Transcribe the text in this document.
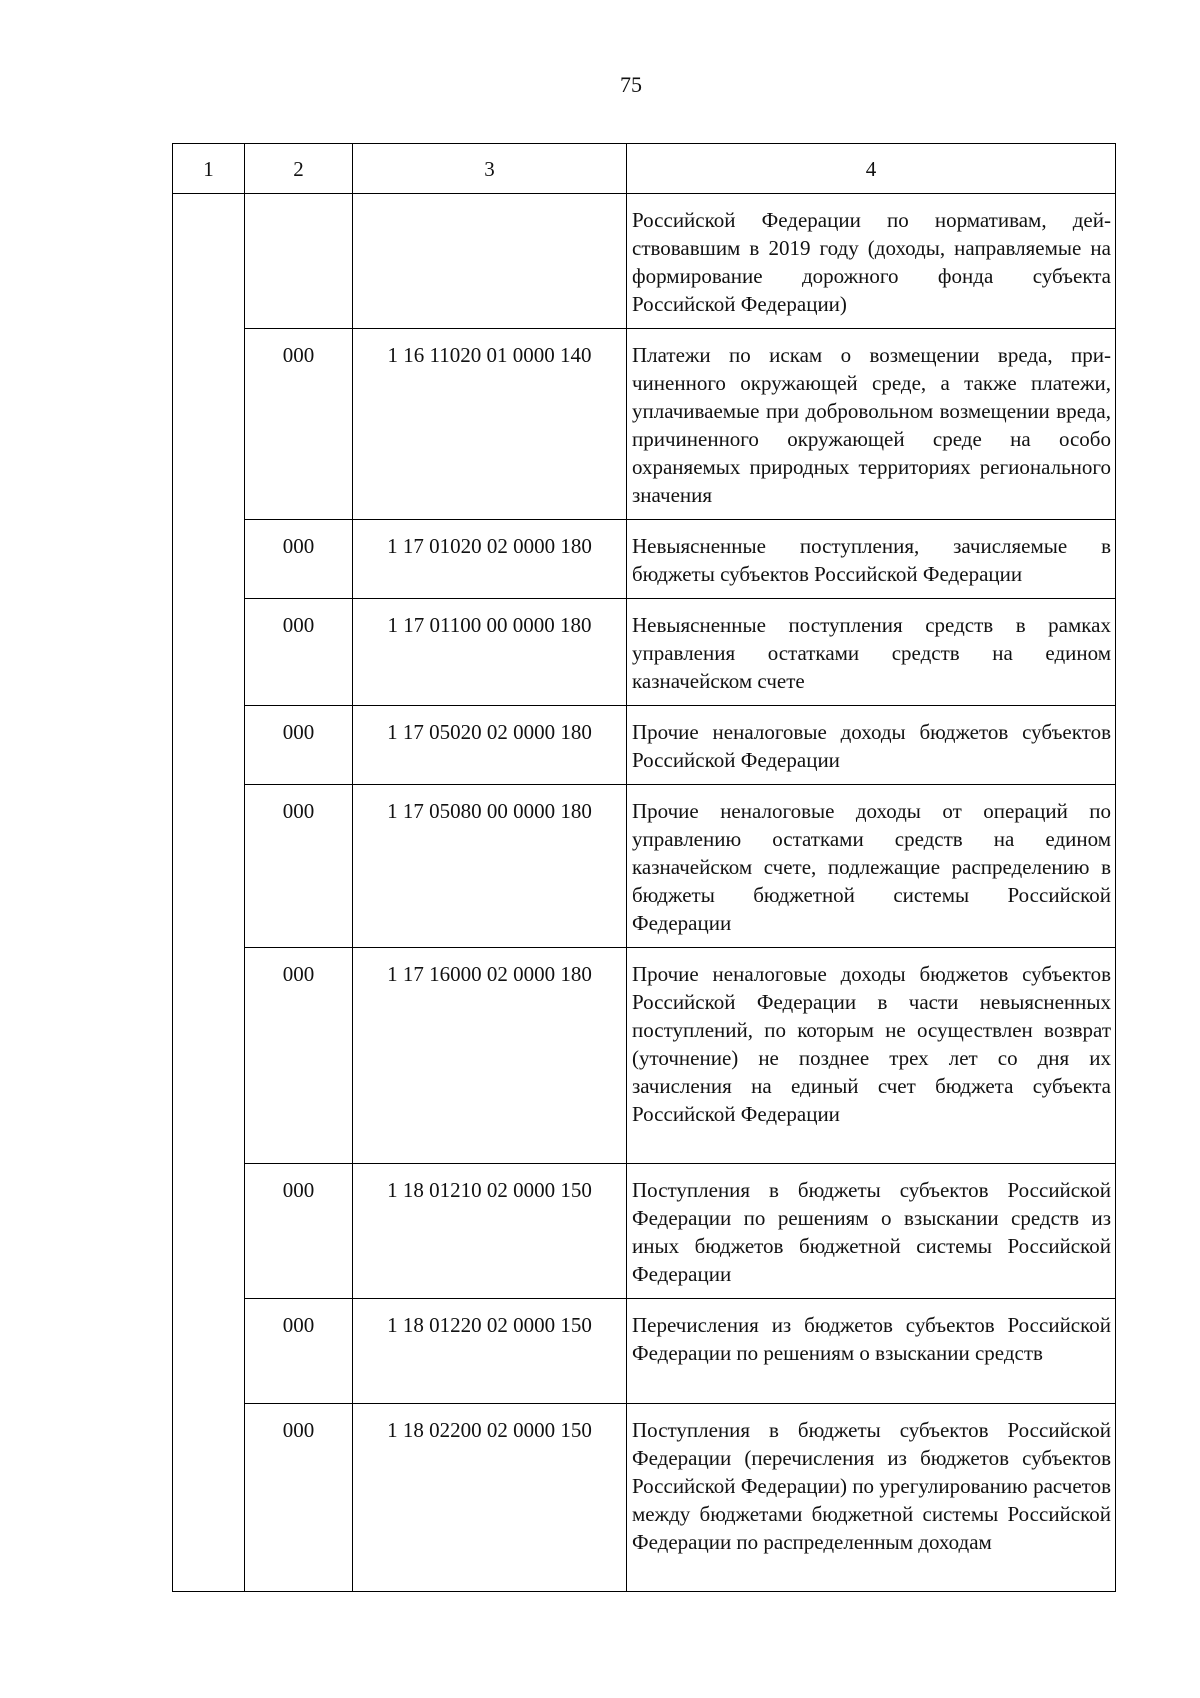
75
1	2	3	4
			Российской Федерации по нормативам, действовавшим в 2019 году (доходы, направляемые на формирование дорожного фонда субъекта Российской Федерации)
	000	1 16 11020 01 0000 140	Платежи по искам о возмещении вреда, причиненного окружающей среде, а также платежи, уплачиваемые при добровольном возмещении вреда, причиненного окружающей среде на особо охраняемых природных территориях регионального значения
	000	1 17 01020 02 0000 180	Невыясненные поступления, зачисляемые в бюджеты субъектов Российской Федерации
	000	1 17 01100 00 0000 180	Невыясненные поступления средств в рамках управления остатками средств на едином казначейском счете
	000	1 17 05020 02 0000 180	Прочие неналоговые доходы бюджетов субъектов Российской Федерации
	000	1 17 05080 00 0000 180	Прочие неналоговые доходы от операций по управлению остатками средств на едином казначейском счете, подлежащие распределению в бюджеты бюджетной системы Российской Федерации
	000	1 17 16000 02 0000 180	Прочие неналоговые доходы бюджетов субъектов Российской Федерации в части невыясненных поступлений, по которым не осуществлен возврат (уточнение) не позднее трех лет со дня их зачисления на единый счет бюджета субъекта Российской Федерации
	000	1 18 01210 02 0000 150	Поступления в бюджеты субъектов Российской Федерации по решениям о взыскании средств из иных бюджетов бюджетной системы Российской Федерации
	000	1 18 01220 02 0000 150	Перечисления из бюджетов субъектов Российской Федерации по решениям о взыскании средств
	000	1 18 02200 02 0000 150	Поступления в бюджеты субъектов Российской Федерации (перечисления из бюджетов субъектов Российской Федерации) по урегулированию расчетов между бюджетами бюджетной системы Российской Федерации по распределенным доходам
